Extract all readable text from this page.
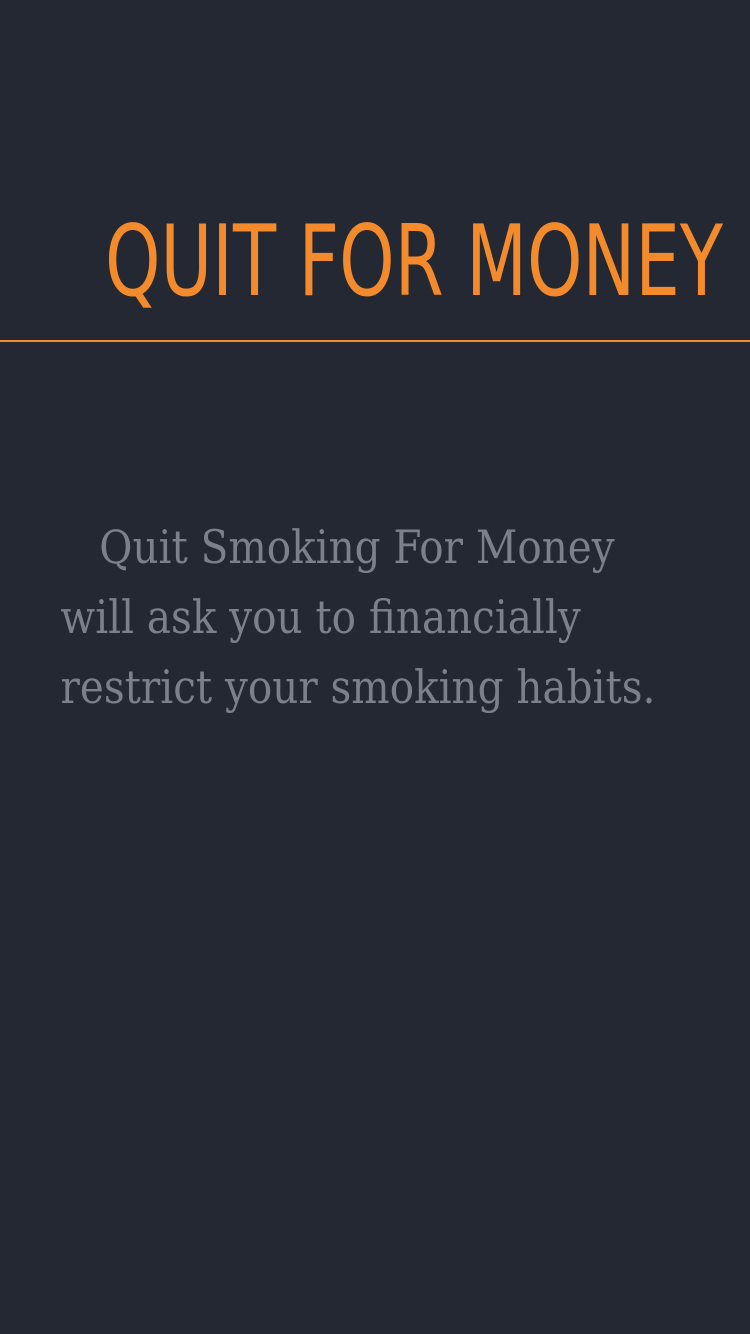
QUIT FOR MONEY
Quit Smoking For Money
will ask you to financially
restrict your smoking habits.
